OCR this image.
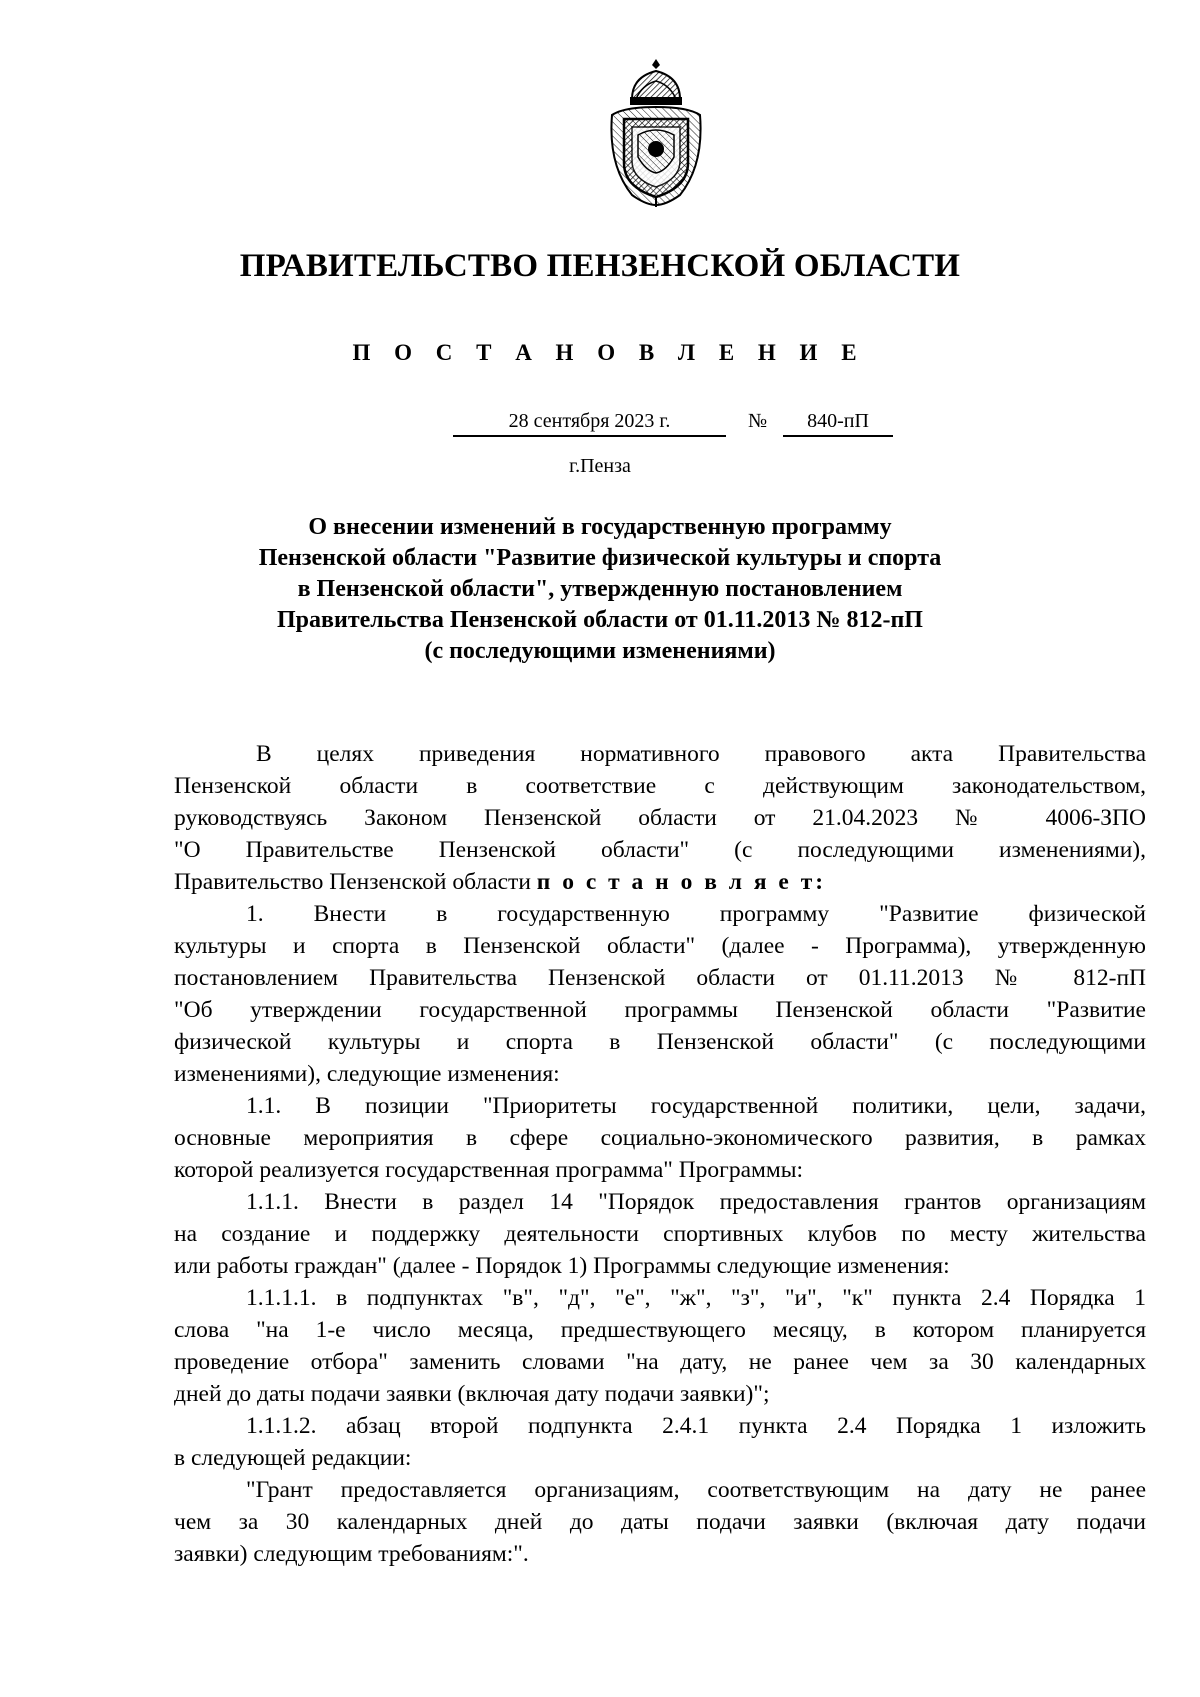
ПРАВИТЕЛЬСТВО ПЕНЗЕНСКОЙ ОБЛАСТИ
П О С Т А Н О В Л Е Н И Е
28 сентября 2023 г.	№	840-пП
г.Пенза
О внесении изменений в государственную программу
Пензенской области "Развитие физической культуры и спорта
в Пензенской области", утвержденную постановлением
Правительства Пензенской области от 01.11.2013 № 812-пП
(с последующими изменениями)
В целях приведения нормативного правового акта Правительства
Пензенской области в соответствие с действующим законодательством,
руководствуясь Законом Пензенской области от 21.04.2023 № 4006-ЗПО
"О Правительстве Пензенской области" (с последующими изменениями),
Правительство Пензенской области п о с т а н о в л я е т:
1. Внести в государственную программу "Развитие физической
культуры и спорта в Пензенской области" (далее - Программа), утвержденную
постановлением Правительства Пензенской области от 01.11.2013 № 812-пП
"Об утверждении государственной программы Пензенской области "Развитие
физической культуры и спорта в Пензенской области" (с последующими
изменениями), следующие изменения:
1.1. В позиции "Приоритеты государственной политики, цели, задачи,
основные мероприятия в сфере социально-экономического развития, в рамках
которой реализуется государственная программа" Программы:
1.1.1. Внести в раздел 14 "Порядок предоставления грантов организациям
на создание и поддержку деятельности спортивных клубов по месту жительства
или работы граждан" (далее - Порядок 1) Программы следующие изменения:
1.1.1.1. в подпунктах "в", "д", "е", "ж", "з", "и", "к" пункта 2.4 Порядка 1
слова "на 1-е число месяца, предшествующего месяцу, в котором планируется
проведение отбора" заменить словами "на дату, не ранее чем за 30 календарных
дней до даты подачи заявки (включая дату подачи заявки)";
1.1.1.2. абзац второй подпункта 2.4.1 пункта 2.4 Порядка 1 изложить
в следующей редакции:
"Грант предоставляется организациям, соответствующим на дату не ранее
чем за 30 календарных дней до даты подачи заявки (включая дату подачи
заявки) следующим требованиям:".
